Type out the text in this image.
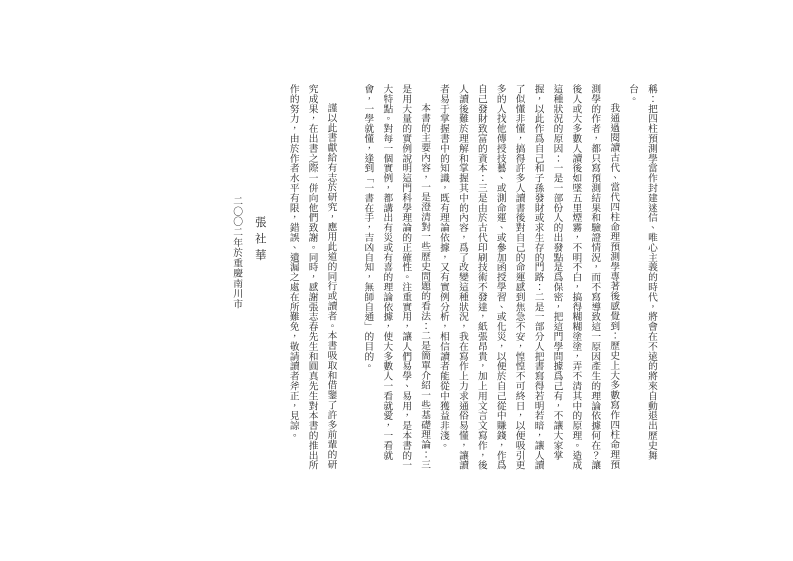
稱：把四柱預測學當作封建迷信、唯心主義的時代，將會在不遠的將來自動退出歷史舞台。

我通過閱讀古代、當代四柱命理預測學專著後感覺到：歷史上大多數寫作四柱命理預測學的作者，都只寫預測結果和驗證情況，而不寫導致這一原因產生的理論依據何在？讓後人或大多數人讀後如墜五里煙霧，不明不白，搞得糊糊塗塗，弄不清其中的原理。造成這種狀況的原因：一是一部份人的出發點是爲保密，把這門學問據爲己有，不讓大家掌握，以此作爲自己和子孫發財或求生存的門路：二是一部分人把書寫得若明若暗，讓人讀了似懂非懂，搞得許多人讀書後對自己的命運感到焦急不安，惶惶不可終日，以便吸引更多的人找他傳授技藝、或測命運、或參加函授學習、或化災，以便於自己從中賺錢，作爲自己發財致富的資本：三是由於古代印刷技術不發達，紙張昂貴，加上用文言文寫作，後人讀後難於理解和掌握其中的內容，爲了改變這種狀況，我在寫作上力求通俗易懂，讓讀者易于掌握書中的知識，既有理論依據，又有實例分析，相信讀者能從中獲益非淺。

本書的主要內容，一是澄清對一些歷史問題的看法：二是簡單介紹一些基礎理論：三是用大量的實例說明這門科學理論的正確性。注重實用，讓人們易學、易用，是本書的一大特點。對每一個實例，都講出有災或有喜的理論依據，使大多數人一看就愛，一看就會，一學就懂，逢到「一書在手，吉凶自知，無師自通」的目的。

謹以此書獻給有志於研究，應用此道的同行或讀者。本書吸取和借鑒了許多前輩的研究成果，在出書之際一併向他們致謝。同時，感謝張志春先生和圓真先生對本書的推出所作的努力，由於作者水平有限，錯誤、遺漏之處在所難免，敬請讀者斧正，見諒。

張社華
二〇〇二年於重慶南川市
